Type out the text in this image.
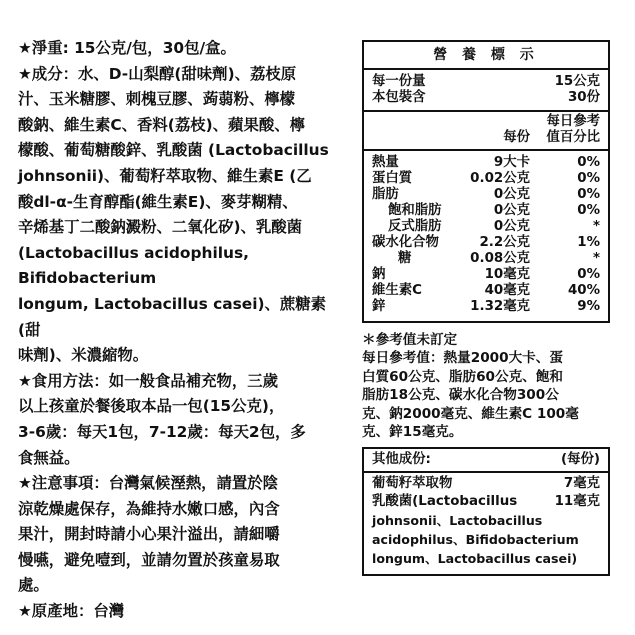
★淨重: 15公克/包，30包/盒。

★成分：水、D-山梨醇(甜味劑)、荔枝原
汁、玉米糖膠、刺槐豆膠、蒟蒻粉、檸檬
酸鈉、維生素C、香料(荔枝)、蘋果酸、檸
檬酸、葡萄糖酸鋅、乳酸菌 (Lactobacillus
johnsonii)、葡萄籽萃取物、維生素E (乙
酸dl-α-生育醇酯(維生素E)、麥芽糊精、
辛烯基丁二酸鈉澱粉、二氧化矽)、乳酸菌
(Lactobacillus acidophilus, Bifidobacterium
longum, Lactobacillus casei)、蔗糖素(甜
味劑)、米濃縮物。

★食用方法：如一般食品補充物，三歲
以上孩童於餐後取本品一包(15公克)，
3-6歲：每天1包，7-12歲：每天2包，多
食無益。

★注意事項：台灣氣候溼熱，請置於陰
涼乾燥處保存，為維持水嫩口感，內含
果汁，開封時請小心果汁溢出，請細嚼
慢嚥，避免噎到，並請勿置於孩童易取
處。

★原產地：台灣

營 養 標 示
每一份量	15公克
本包裝含	30份
每份
每日參考
值百分比
熱量	9大卡	0%
蛋白質	0.02公克	0%
脂肪	0公克	0%
飽和脂肪	0公克	0%
反式脂肪	0公克	*
碳水化合物	2.2公克	1%
糖	0.08公克	*
鈉	10毫克	0%
維生素C	40毫克	40%
鋅	1.32毫克	9%

＊參考值未訂定

每日參考值：熱量2000大卡、蛋
白質60公克、脂肪60公克、飽和
脂肪18公克、碳水化合物300公
克、鈉2000毫克、維生素C 100毫
克、鋅15毫克。

其他成份:	(每份)
葡萄籽萃取物	7毫克
乳酸菌(Lactobacillus	11毫克
johnsonii、Lactobacillus
acidophilus、Bifidobacterium
longum、Lactobacillus casei)
